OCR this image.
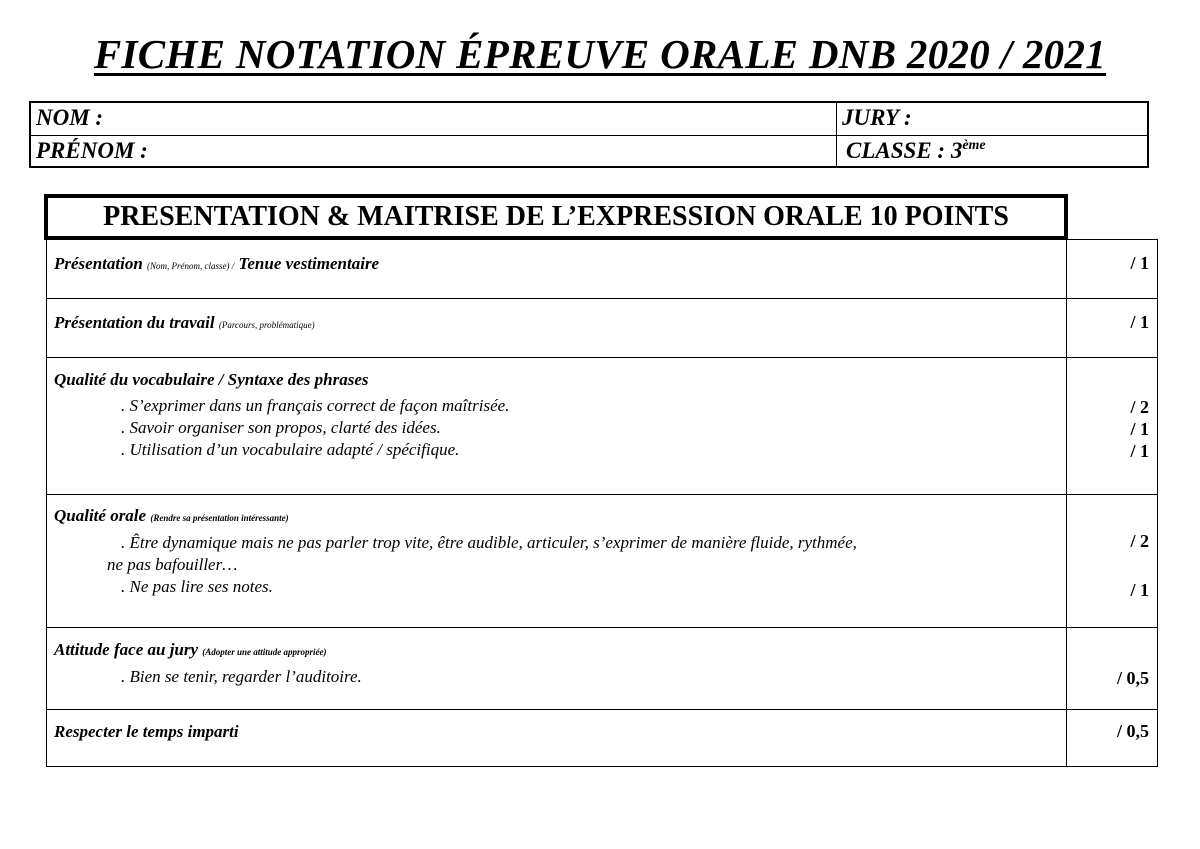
FICHE NOTATION ÉPREUVE ORALE DNB 2020 / 2021
NOM :	JURY :
PRÉNOM :	CLASSE : 3ème
PRESENTATION & MAITRISE DE L’EXPRESSION ORALE 10 POINTS
Présentation (Nom, Prénom, classe) / Tenue vestimentaire	/ 1
Présentation du travail (Parcours, problématique)	/ 1
Qualité du vocabulaire / Syntaxe des phrases
. S’exprimer dans un français correct de façon maîtrisée.	/ 2
. Savoir organiser son propos, clarté des idées.	/ 1
. Utilisation d’un vocabulaire adapté / spécifique.	/ 1
Qualité orale (Rendre sa présentation intéressante)
. Être dynamique mais ne pas parler trop vite, être audible, articuler, s’exprimer de manière fluide, rythmée,
ne pas bafouiller…
/ 2
. Ne pas lire ses notes.	/ 1
Attitude face au jury (Adopter une attitude appropriée)
. Bien se tenir, regarder l’auditoire.	/ 0,5
Respecter le temps imparti	/ 0,5
